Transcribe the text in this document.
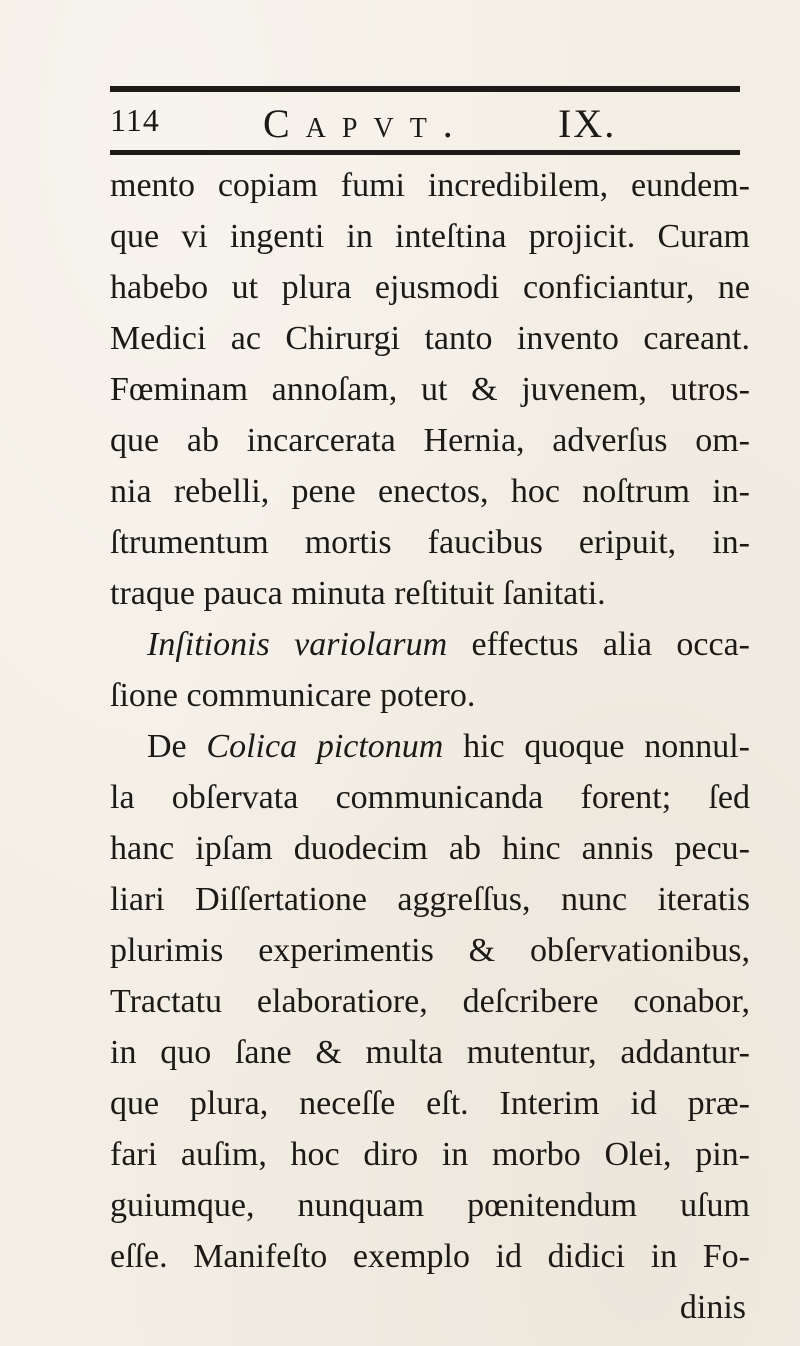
114	Capvt. IX.
mento copiam fumi incredibilem, eundem-
que vi ingenti in inteſtina projicit. Curam
habebo ut plura ejusmodi conficiantur, ne
Medici ac Chirurgi tanto invento careant.
Fœminam annoſam, ut & juvenem, utros-
que ab incarcerata Hernia, adverſus om-
nia rebelli, pene enectos, hoc noſtrum in-
ſtrumentum mortis faucibus eripuit, in-
traque pauca minuta reſtituit ſanitati.
Inſitionis variolarum effectus alia occa-
ſione communicare potero.
De Colica pictonum hic quoque nonnul-
la obſervata communicanda forent; ſed
hanc ipſam duodecim ab hinc annis pecu-
liari Diſſertatione aggreſſus, nunc iteratis
plurimis experimentis & obſervationibus,
Tractatu elaboratiore, deſcribere conabor,
in quo ſane & multa mutentur, addantur-
que plura, neceſſe eſt. Interim id præ-
fari auſim, hoc diro in morbo Olei, pin-
guiumque, nunquam pœnitendum uſum
eſſe. Manifeſto exemplo id didici in Fo-
dinis
